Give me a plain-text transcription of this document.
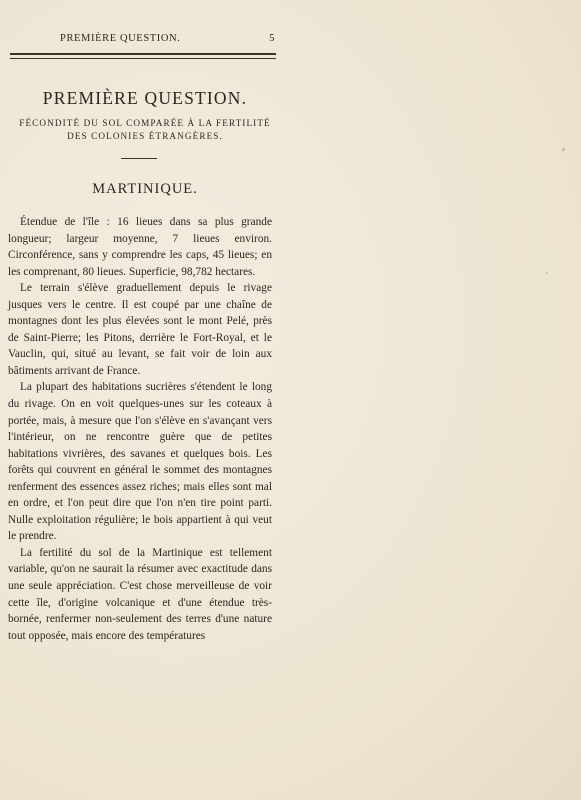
PREMIÈRE QUESTION.	5
PREMIÈRE QUESTION.
FÉCONDITÉ DU SOL COMPARÉE À LA FERTILITÉ
DES COLONIES ÉTRANGÈRES.
MARTINIQUE.

Étendue de l'île : 16 lieues dans sa plus grande longueur; largeur moyenne, 7 lieues environ. Circonférence, sans y comprendre les caps, 45 lieues; en les comprenant, 80 lieues. Superficie, 98,782 hectares.

Le terrain s'élève graduellement depuis le rivage jusques vers le centre. Il est coupé par une chaîne de montagnes dont les plus élevées sont le mont Pelé, près de Saint-Pierre; les Pitons, derrière le Fort-Royal, et le Vauclin, qui, situé au levant, se fait voir de loin aux bâtiments arrivant de France.

La plupart des habitations sucrières s'étendent le long du rivage. On en voit quelques-unes sur les coteaux à portée, mais, à mesure que l'on s'élève en s'avançant vers l'intérieur, on ne rencontre guère que de petites habitations vivrières, des savanes et quelques bois. Les forêts qui couvrent en général le sommet des montagnes renferment des essences assez riches; mais elles sont mal en ordre, et l'on peut dire que l'on n'en tire point parti. Nulle exploitation régulière; le bois appartient à qui veut le prendre.

La fertilité du sol de la Martinique est tellement variable, qu'on ne saurait la résumer avec exactitude dans une seule appréciation. C'est chose merveilleuse de voir cette île, d'origine volcanique et d'une étendue très-bornée, renfermer non-seulement des terres d'une nature tout opposée, mais encore des températures
